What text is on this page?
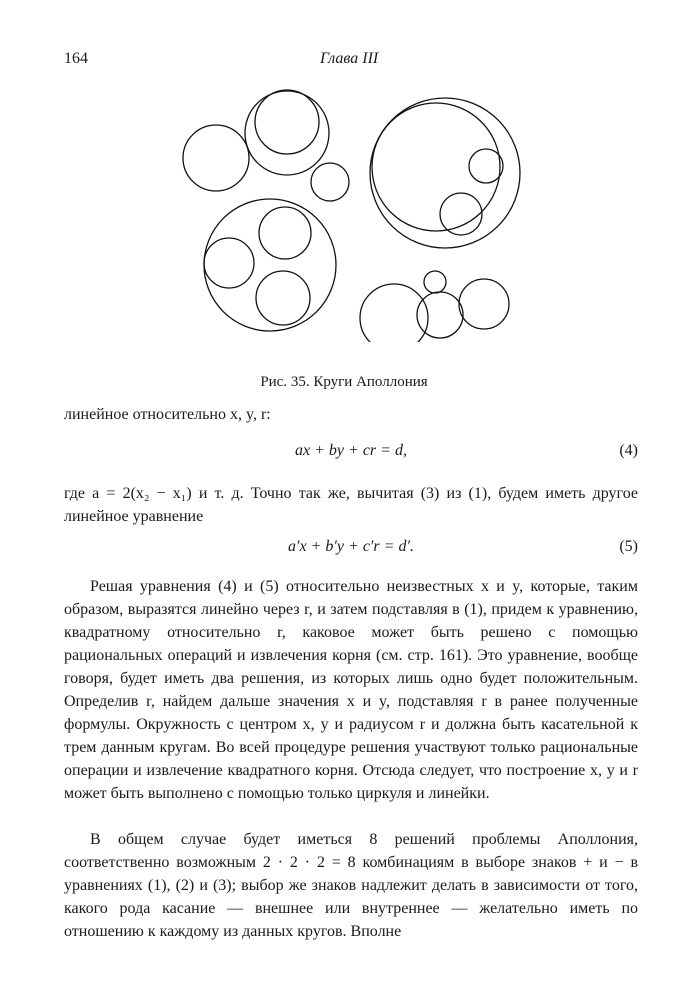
164	Глава III
Рис. 35. Круги Аполлония

линейное относительно x, y, r:

ax + by + cr = d,	(4)

где a = 2(x₂ − x₁) и т. д. Точно так же, вычитая (3) из (1), будем иметь другое линейное уравнение

a′x + b′y + c′r = d′.	(5)

Решая уравнения (4) и (5) относительно неизвестных x и y, которые, таким образом, выразятся линейно через r, и затем подставляя в (1), придем к уравнению, квадратному относительно r, каковое может быть решено с помощью рациональных операций и извлечения корня (см. стр. 161). Это уравнение, вообще говоря, будет иметь два решения, из которых лишь одно будет положительным. Определив r, найдем дальше значения x и y, подставляя r в ранее полученные формулы. Окружность с центром x, y и радиусом r и должна быть касательной к трем данным кругам. Во всей процедуре решения участвуют только рациональные операции и извлечение квадратного корня. Отсюда следует, что построение x, y и r может быть выполнено с помощью только циркуля и линейки.

В общем случае будет иметься 8 решений проблемы Аполлония, соответственно возможным 2 · 2 · 2 = 8 комбинациям в выборе знаков + и − в уравнениях (1), (2) и (3); выбор же знаков надлежит делать в зависимости от того, какого рода касание — внешнее или внутреннее — желательно иметь по отношению к каждому из данных кругов. Вполне
